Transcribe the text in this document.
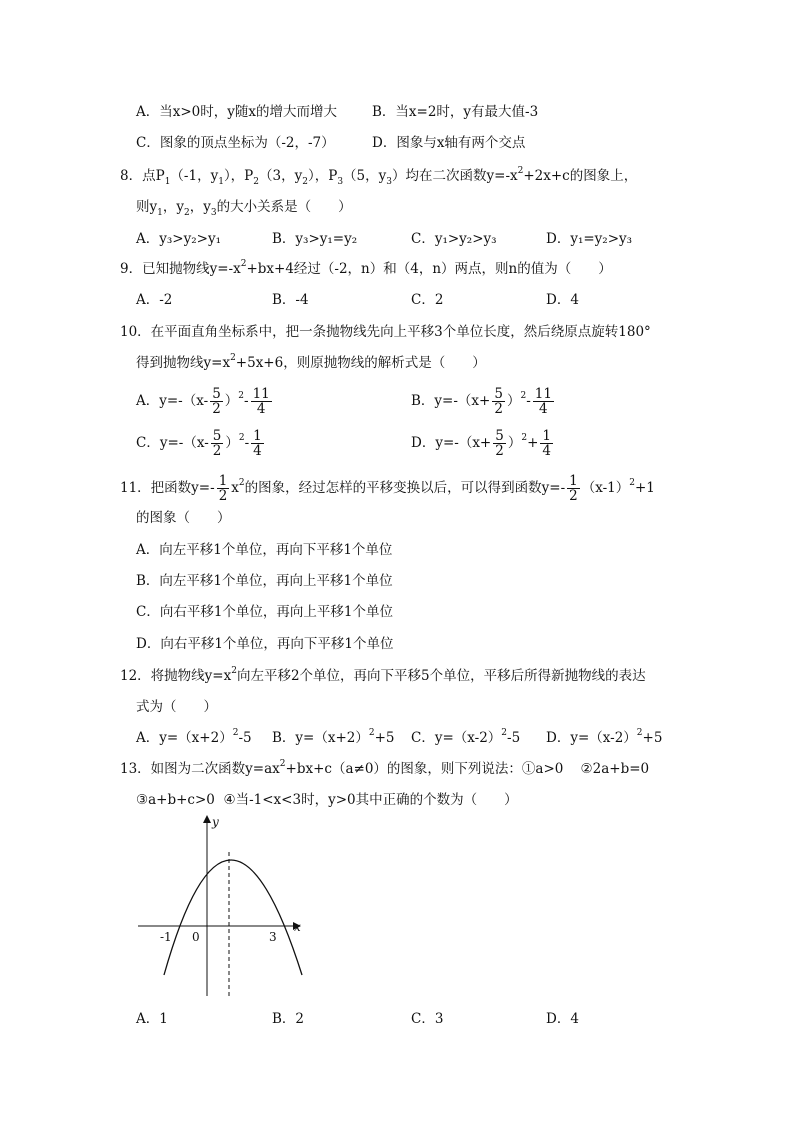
A．当x>0时，y随x的增大而增大	B．当x=2时，y有最大值-3
C．图象的顶点坐标为（-2，-7）	D．图象与x轴有两个交点
8．点$P_1(-1$，$y_1$），$P_2(3$，$y_2$），$P_3(5$，$y_3$）均在二次函数$y=-x^2+2x+c$的图象上，
则$y_1$，$y_2$，$y_3$的大小关系是（　　）
A．y₃>y₂>y₁	B．y₃>y₁=y₂	C．y₁>y₂>y₃	D．y₁=y₂>y₃
9．已知抛物线$y=-x^2+bx+4$经过（-2，n）和（4，n）两点，则n的值为（　　）
A．-2	B．-4	C．2	D．4
10．在平面直角坐标系中，把一条抛物线先向上平移3个单位长度，然后绕原点旋转180°
得到抛物线$y=x^2+5x+6$，则原抛物线的解析式是（　　）
A．$y=-(x- \frac{5}{2} )^2- \frac{11}{4}$	B．$y=-(x+ \frac{5}{2} )^2- \frac{11}{4}$
C．$y=-(x- \frac{5}{2} )^2- \frac{1}{4}$	D．$y=-(x+ \frac{5}{2} )^2+ \frac{1}{4}$
11．把函数$y=- \frac{1}{2} x^2$的图象，经过怎样的平移变换以后，可以得到函数$y=- \frac{1}{2} (x-1)^2+1$
的图象（　　）
A．向左平移1个单位，再向下平移1个单位
B．向左平移1个单位，再向上平移1个单位
C．向右平移1个单位，再向上平移1个单位
D．向右平移1个单位，再向下平移1个单位
12．将抛物线$y=x^2$向左平移2个单位，再向下平移5个单位，平移后所得新抛物线的表达
式为（　　）
A．$y=(x+2)^2-5$ B．$y=(x+2)^2+5$ C．$y=(x-2)^2-5$ D．$y=(x-2)^2+5$
13．如图为二次函数$y=ax^2+bx+c(a\ne 0)$的图象，则下列说法：①a>0 ②2a+b=0
③a+b+c>0 ④当-1<x<3时，y>0其中正确的个数为（　　）
y
x
-1 0	3
A．1	B．2	C．3	D．4
